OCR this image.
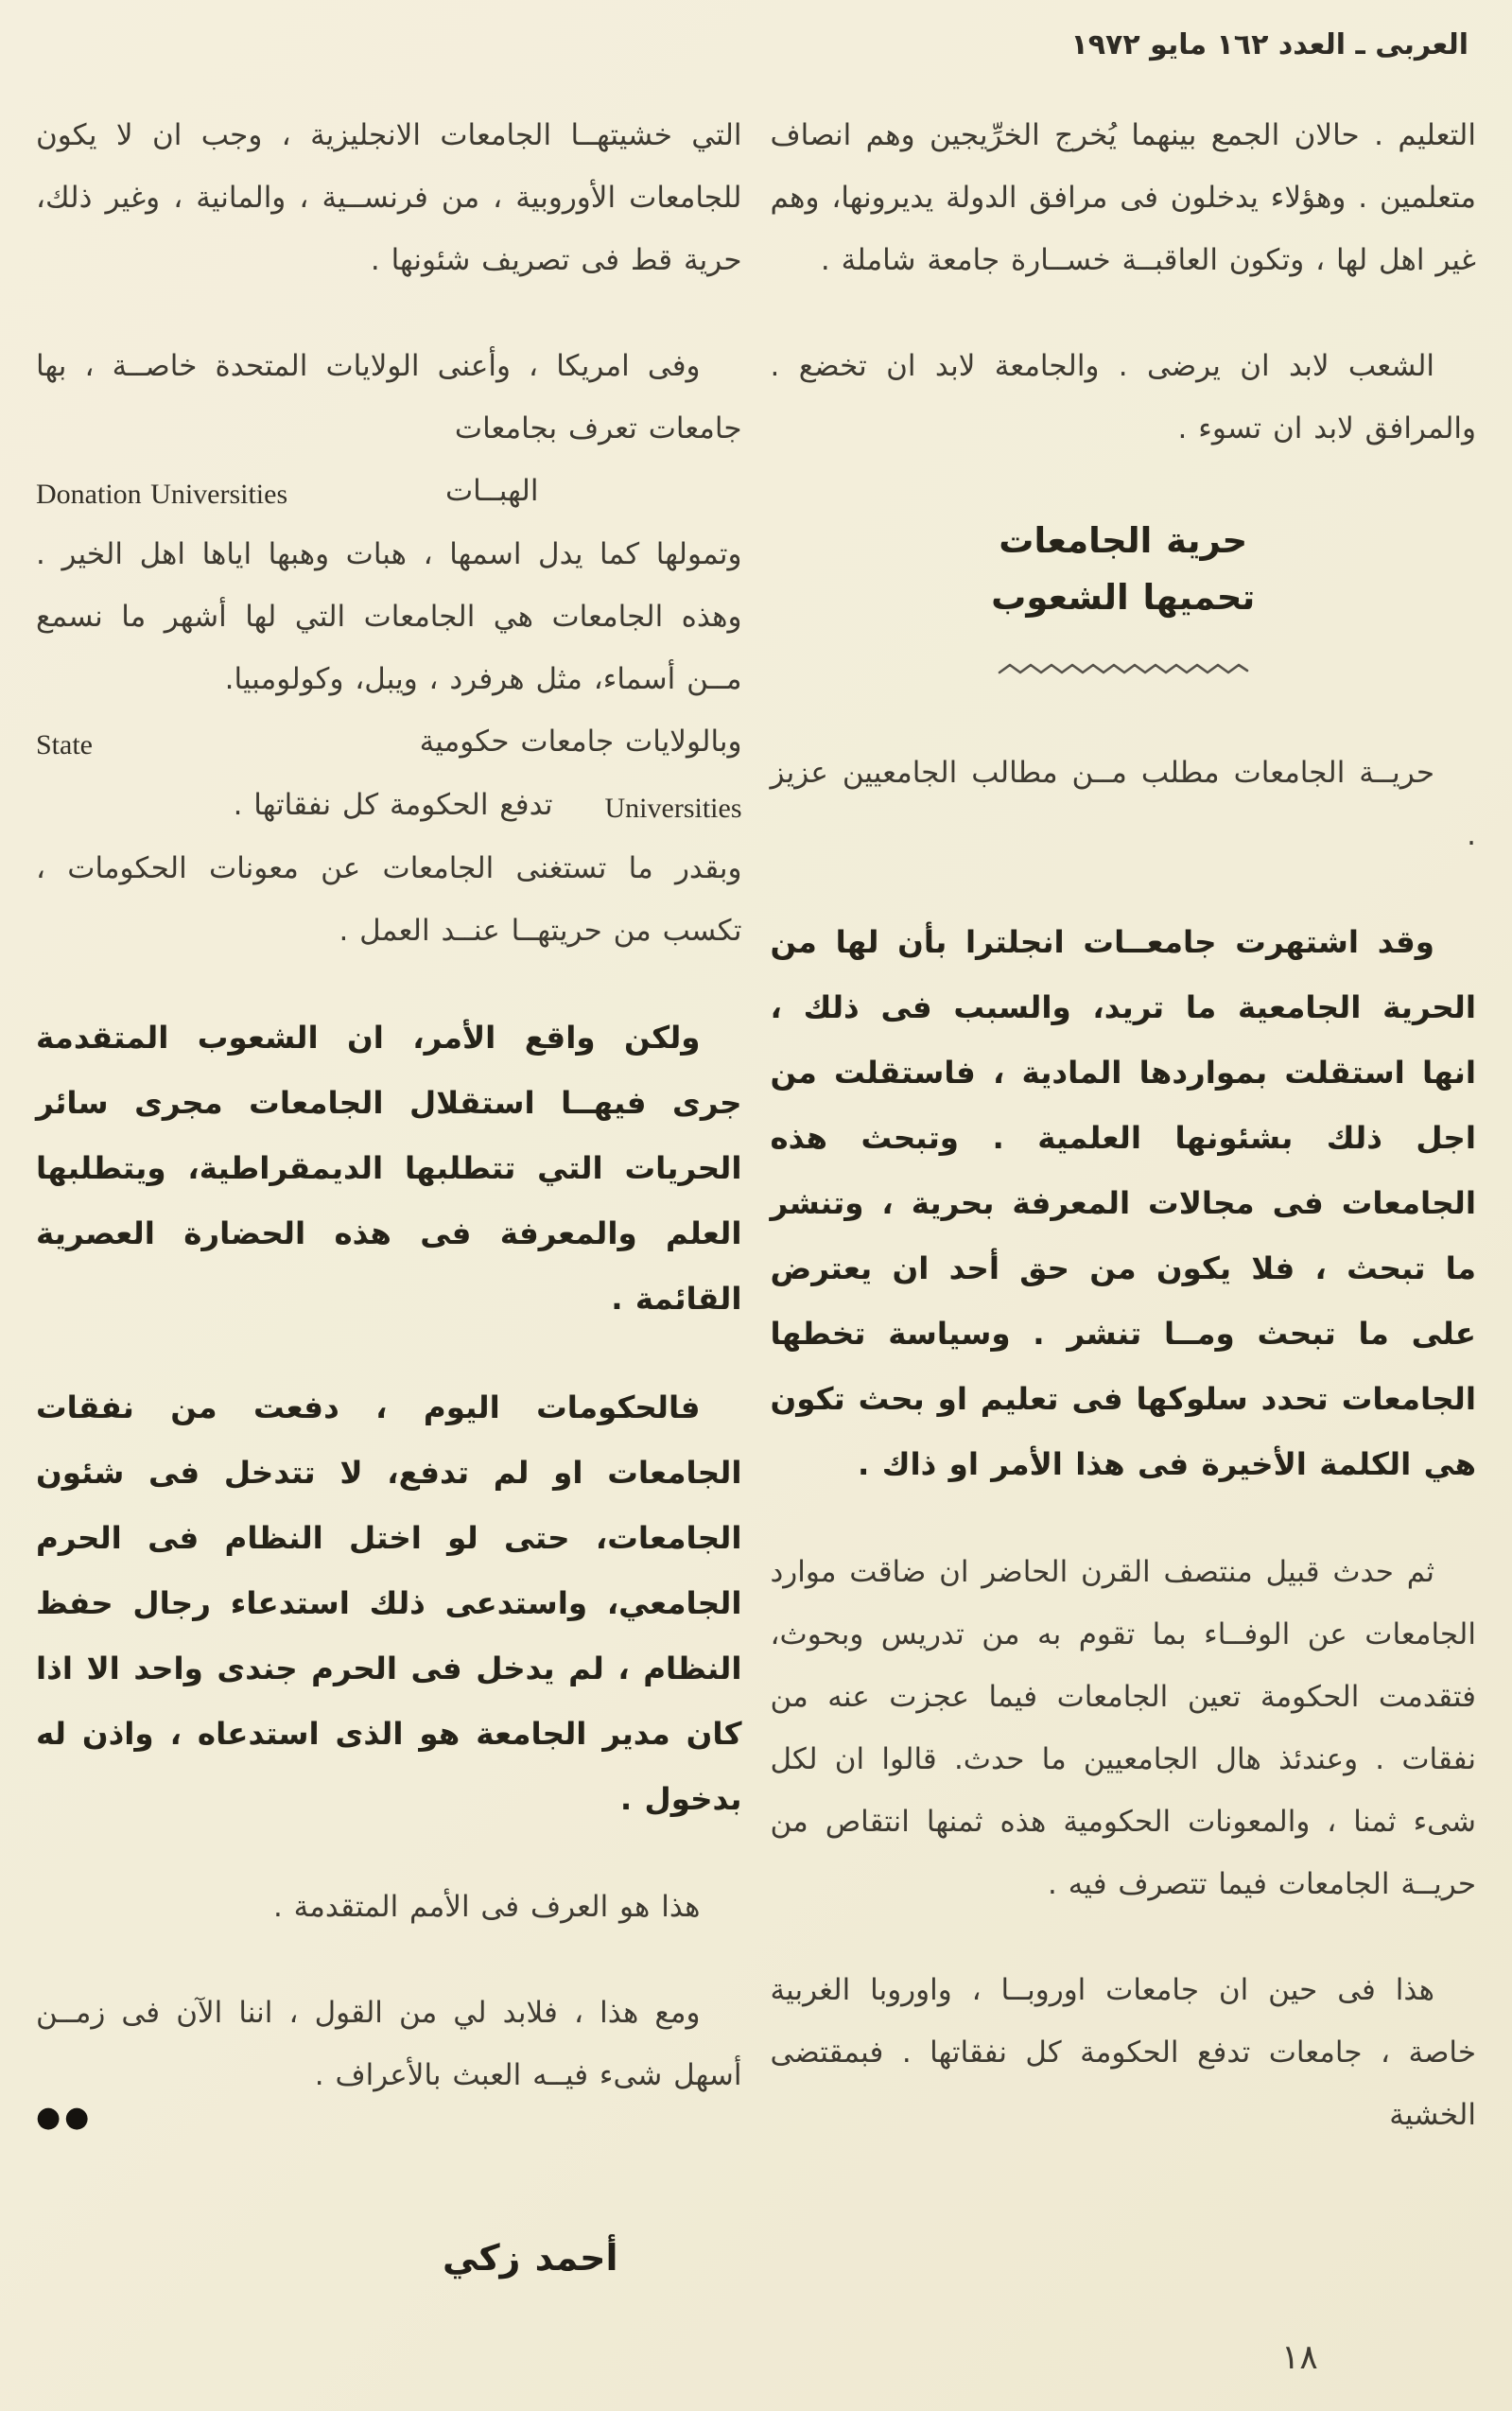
العربى ـ العدد ١٦٢ مايو ١٩٧٢

التعليم . حالان الجمع بينهما يُخرج الخرِّيجين وهم انصاف متعلمين . وهؤلاء يدخلون فى مرافق الدولة يديرونها، وهم غير اهل لها ، وتكون العاقبــة خســارة جامعة شاملة .

الشعب لابد ان يرضى . والجامعة لابد ان تخضع . والمرافق لابد ان تسوء .

حرية الجامعات
تحميها الشعوب

حريــة الجامعات مطلب مــن مطالب الجامعيين عزيز .

وقد اشتهرت جامعــات انجلترا بأن لها من الحرية الجامعية ما تريد، والسبب فى ذلك ، انها استقلت بمواردها المادية ، فاستقلت من اجل ذلك بشئونها العلمية . وتبحث هذه الجامعات فى مجالات المعرفة بحرية ، وتنشر ما تبحث ، فلا يكون من حق أحد ان يعترض على ما تبحث ومــا تنشر . وسياسة تخطها الجامعات تحدد سلوكها فى تعليم او بحث تكون هي الكلمة الأخيرة فى هذا الأمر او ذاك .

ثم حدث قبيل منتصف القرن الحاضر ان ضاقت موارد الجامعات عن الوفــاء بما تقوم به من تدريس وبحوث، فتقدمت الحكومة تعين الجامعات فيما عجزت عنه من نفقات . وعندئذ هال الجامعيين ما حدث. قالوا ان لكل شىء ثمنا ، والمعونات الحكومية هذه ثمنها انتقاص من حريــة الجامعات فيما تتصرف فيه .

هذا فى حين ان جامعات اوروبــا ، واوروبا الغربية خاصة ، جامعات تدفع الحكومة كل نفقاتها . فبمقتضى الخشية

التي خشيتهــا الجامعات الانجليزية ، وجب ان لا يكون للجامعات الأوروبية ، من فرنســية ، والمانية ، وغير ذلك، حرية قط فى تصريف شئونها .

وفى امريكا ، وأعنى الولايات المتحدة خاصــة ، بها جامعات تعرف بجامعات

الهبــات
Donation Universities

وتمولها كما يدل اسمها ، هبات وهبها اياها اهل الخير . وهذه الجامعات هي الجامعات التي لها أشهر ما نسمع مــن أسماء، مثل هرفرد ، ويبل، وكولومبيا.

وبالولايات جامعات حكومية
State
Universities
تدفع الحكومة كل نفقاتها .

وبقدر ما تستغنى الجامعات عن معونات الحكومات ، تكسب من حريتهــا عنــد العمل .

ولكن واقع الأمر، ان الشعوب المتقدمة جرى فيهــا استقلال الجامعات مجرى سائر الحريات التي تتطلبها الديمقراطية، ويتطلبها العلم والمعرفة فى هذه الحضارة العصرية القائمة .

فالحكومات اليوم ، دفعت من نفقات الجامعات او لم تدفع، لا تتدخل فى شئون الجامعات، حتى لو اختل النظام فى الحرم الجامعي، واستدعى ذلك استدعاء رجال حفظ النظام ، لم يدخل فى الحرم جندى واحد الا اذا كان مدير الجامعة هو الذى استدعاه ، واذن له بدخول .

هذا هو العرف فى الأمم المتقدمة .

ومع هذا ، فلابد لي من القول ، اننا الآن فى زمــن أسهل شىء فيــه العبث بالأعراف .

●●
أحمد زكي
١٨
